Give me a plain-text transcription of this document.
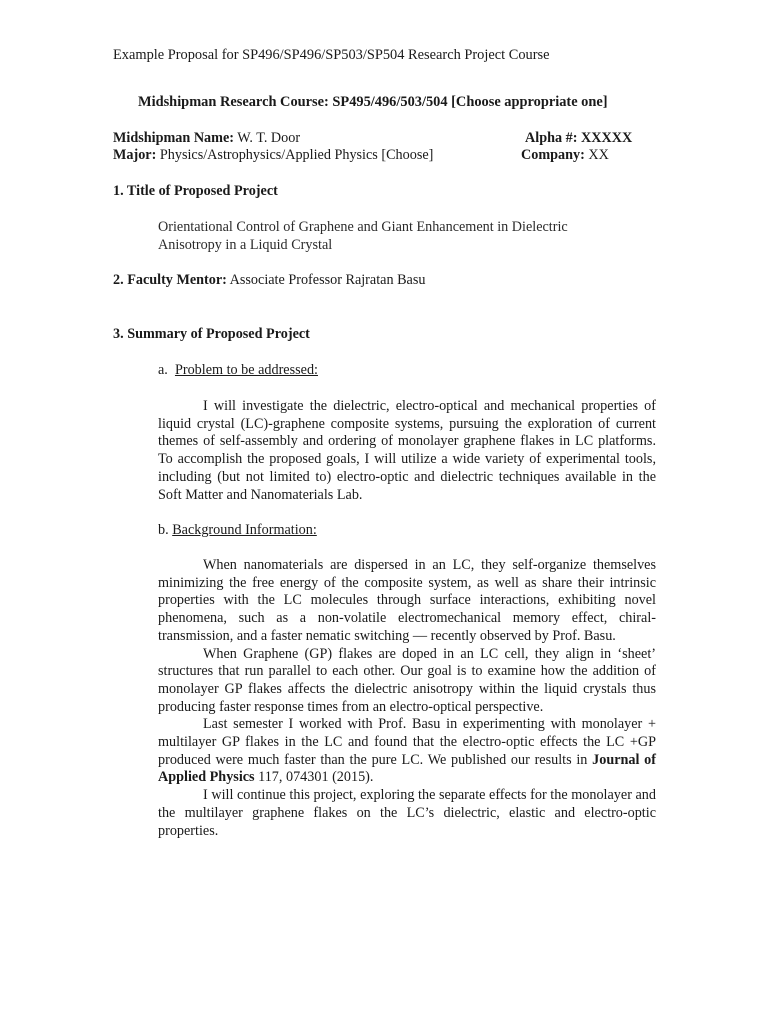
Example Proposal for SP496/SP496/SP503/SP504 Research Project Course
Midshipman Research Course: SP495/496/503/504 [Choose appropriate one]
Midshipman Name: W. T. Door
Major: Physics/Astrophysics/Applied Physics [Choose]
Alpha #: XXXXX
Company: XX
1. Title of Proposed Project
Orientational Control of Graphene and Giant Enhancement in Dielectric Anisotropy in a Liquid Crystal
2. Faculty Mentor: Associate Professor Rajratan Basu
3. Summary of Proposed Project
a. Problem to be addressed:

I will investigate the dielectric, electro-optical and mechanical properties of liquid crystal (LC)-graphene composite systems, pursuing the exploration of current themes of self-assembly and ordering of monolayer graphene flakes in LC platforms. To accomplish the proposed goals, I will utilize a wide variety of experimental tools, including (but not limited to) electro-optic and dielectric techniques available in the Soft Matter and Nanomaterials Lab.

b. Background Information:

When nanomaterials are dispersed in an LC, they self-organize themselves minimizing the free energy of the composite system, as well as share their intrinsic properties with the LC molecules through surface interactions, exhibiting novel phenomena, such as a non-volatile electromechanical memory effect, chiral-transmission, and a faster nematic switching — recently observed by Prof. Basu.

When Graphene (GP) flakes are doped in an LC cell, they align in ‘sheet’ structures that run parallel to each other. Our goal is to examine how the addition of monolayer GP flakes affects the dielectric anisotropy within the liquid crystals thus producing faster response times from an electro-optical perspective.

Last semester I worked with Prof. Basu in experimenting with monolayer + multilayer GP flakes in the LC and found that the electro-optic effects the LC +GP produced were much faster than the pure LC. We published our results in Journal of Applied Physics 117, 074301 (2015).

I will continue this project, exploring the separate effects for the monolayer and the multilayer graphene flakes on the LC’s dielectric, elastic and electro-optic properties.
